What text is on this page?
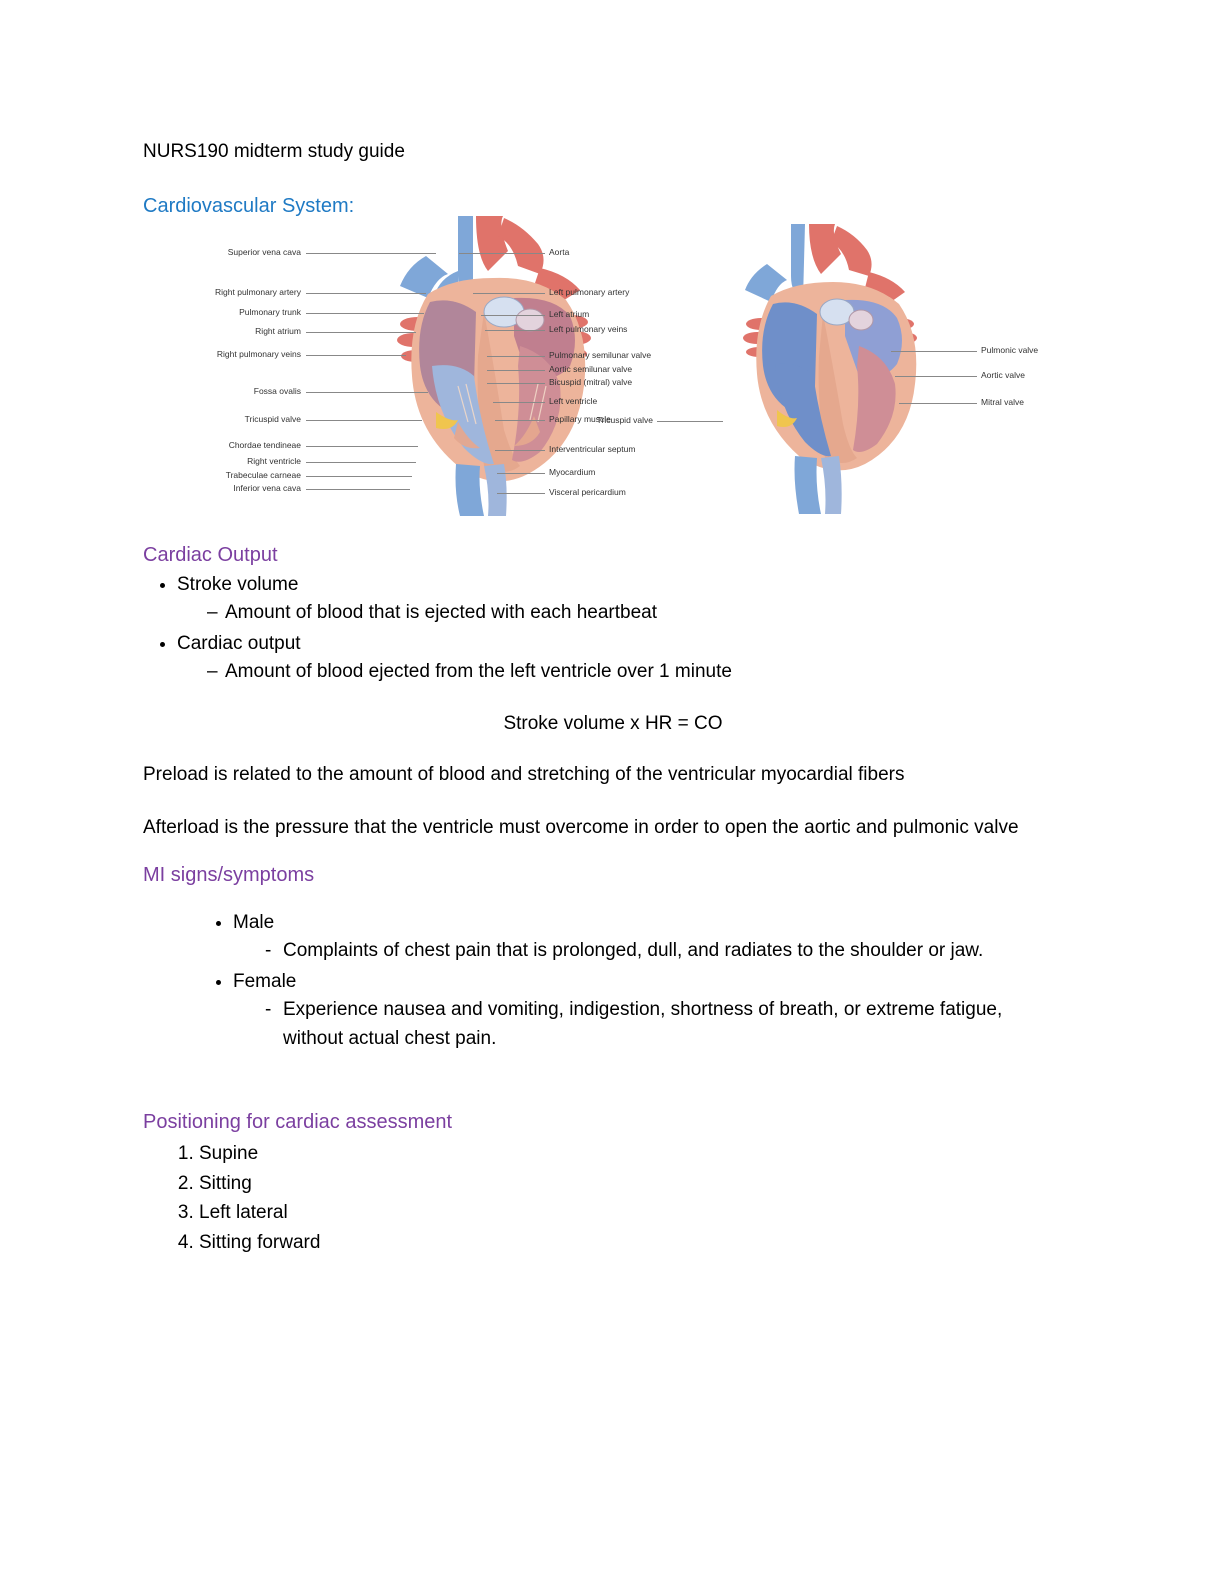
NURS190 midterm study guide
Cardiovascular System:
Superior vena cava
Right pulmonary artery
Pulmonary trunk
Right atrium
Right pulmonary veins
Fossa ovalis
Tricuspid valve
Chordae tendineae
Right ventricle
Trabeculae carneae
Inferior vena cava
Aorta
Left pulmonary artery
Left atrium
Left pulmonary veins
Pulmonary semilunar valve
Aortic semilunar valve
Bicuspid (mitral) valve
Left ventricle
Papillary muscle
Interventricular septum
Myocardium
Visceral pericardium
Tricuspid valve
Pulmonic valve
Aortic valve
Mitral valve
Cardiac Output
• Stroke volume
– Amount of blood that is ejected with each heartbeat
• Cardiac output
– Amount of blood ejected from the left ventricle over 1 minute
Stroke volume x HR = CO
Preload is related to the amount of blood and stretching of the ventricular myocardial fibers
Afterload is the pressure that the ventricle must overcome in order to open the aortic and pulmonic valve
MI signs/symptoms
• Male
- Complaints of chest pain that is prolonged, dull, and radiates to the shoulder or jaw.
• Female
- Experience nausea and vomiting, indigestion, shortness of breath, or extreme fatigue, without actual chest pain.
Positioning for cardiac assessment
1. Supine
2. Sitting
3. Left lateral
4. Sitting forward
